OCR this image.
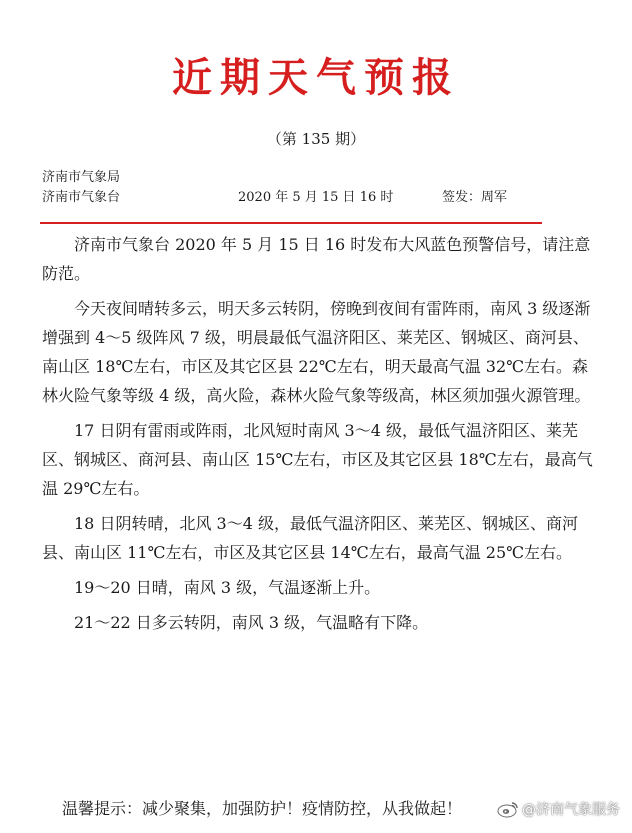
近期天气预报
（第 135 期）
济南市气象局
济南市气象台	2020 年 5 月 15 日 16 时	签发：周军

济南市气象台 2020 年 5 月 15 日 16 时发布大风蓝色预警信号，请注意防范。

今天夜间晴转多云，明天多云转阴，傍晚到夜间有雷阵雨，南风 3 级逐渐增强到 4～5 级阵风 7 级，明晨最低气温济阳区、莱芜区、钢城区、商河县、南山区 18℃左右，市区及其它区县 22℃左右，明天最高气温 32℃左右。森林火险气象等级 4 级，高火险，森林火险气象等级高，林区须加强火源管理。

17 日阴有雷雨或阵雨，北风短时南风 3～4 级，最低气温济阳区、莱芜区、钢城区、商河县、南山区 15℃左右，市区及其它区县 18℃左右，最高气温 29℃左右。

18 日阴转晴，北风 3～4 级，最低气温济阳区、莱芜区、钢城区、商河县、南山区 11℃左右，市区及其它区县 14℃左右，最高气温 25℃左右。

19～20 日晴，南风 3 级，气温逐渐上升。

21～22 日多云转阴，南风 3 级，气温略有下降。

温馨提示：减少聚集，加强防护！疫情防控，从我做起！	@济南气象服务
